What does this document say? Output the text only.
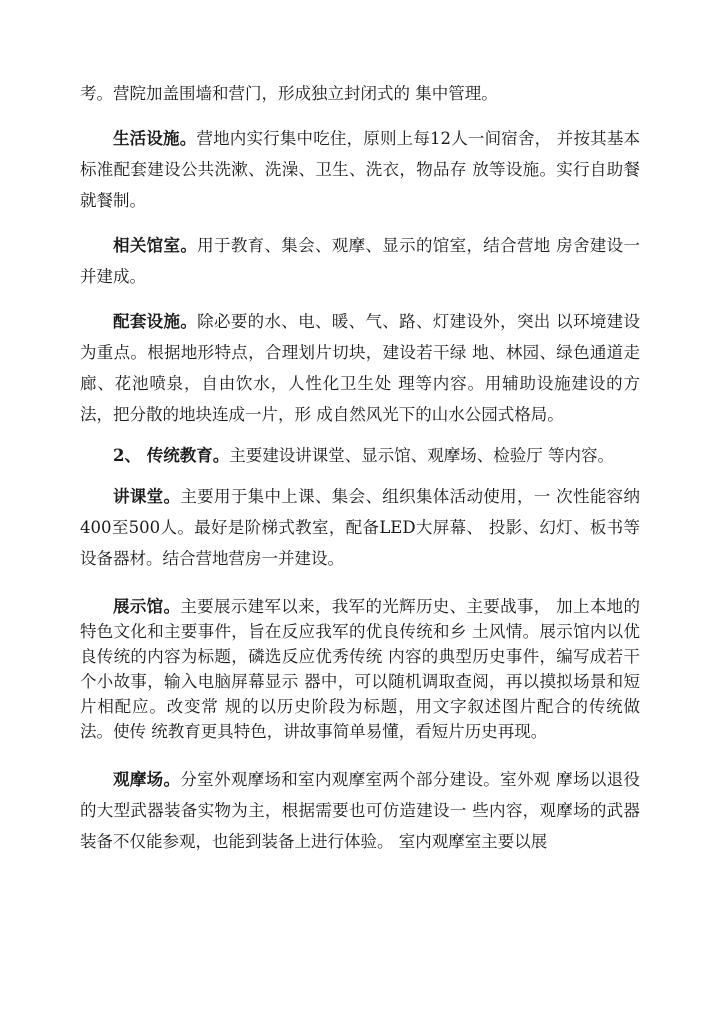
考。营院加盖围墙和营门，形成独立封闭式的 集中管理。

生活设施。营地内实行集中吃住，原则上每12人一间宿舍， 并按其基本标准配套建设公共洗漱、洗澡、卫生、洗衣，物品存 放等设施。实行自助餐就餐制。

相关馆室。用于教育、集会、观摩、显示的馆室，结合营地 房舍建设一并建成。

配套设施。除必要的水、电、暖、气、路、灯建设外，突出 以环境建设为重点。根据地形特点，合理划片切块，建设若干绿 地、林园、绿色通道走廊、花池喷泉，自由饮水，人性化卫生处 理等内容。用辅助设施建设的方法，把分散的地块连成一片，形 成自然风光下的山水公园式格局。

2、 传统教育。主要建设讲课堂、显示馆、观摩场、检验厅 等内容。

讲课堂。主要用于集中上课、集会、组织集体活动使用，一 次性能容纳400至500人。最好是阶梯式教室，配备LED大屏幕、 投影、幻灯、板书等设备器材。结合营地营房一并建设。

展示馆。主要展示建军以来，我军的光辉历史、主要战事， 加上本地的特色文化和主要事件，旨在反应我军的优良传统和乡 土风情。展示馆内以优良传统的内容为标题，磷选反应优秀传统 内容的典型历史事件，编写成若干个小故事，输入电脑屏幕显示 器中，可以随机调取查阅，再以摸拟场景和短片相配应。改变常 规的以历史阶段为标题，用文字叙述图片配合的传统做法。使传 统教育更具特色，讲故事简单易懂，看短片历史再现。

观摩场。分室外观摩场和室内观摩室两个部分建设。室外观 摩场以退役的大型武器装备实物为主，根据需要也可仿造建设一 些内容，观摩场的武器装备不仅能参观，也能到装备上进行体验。 室内观摩室主要以展
